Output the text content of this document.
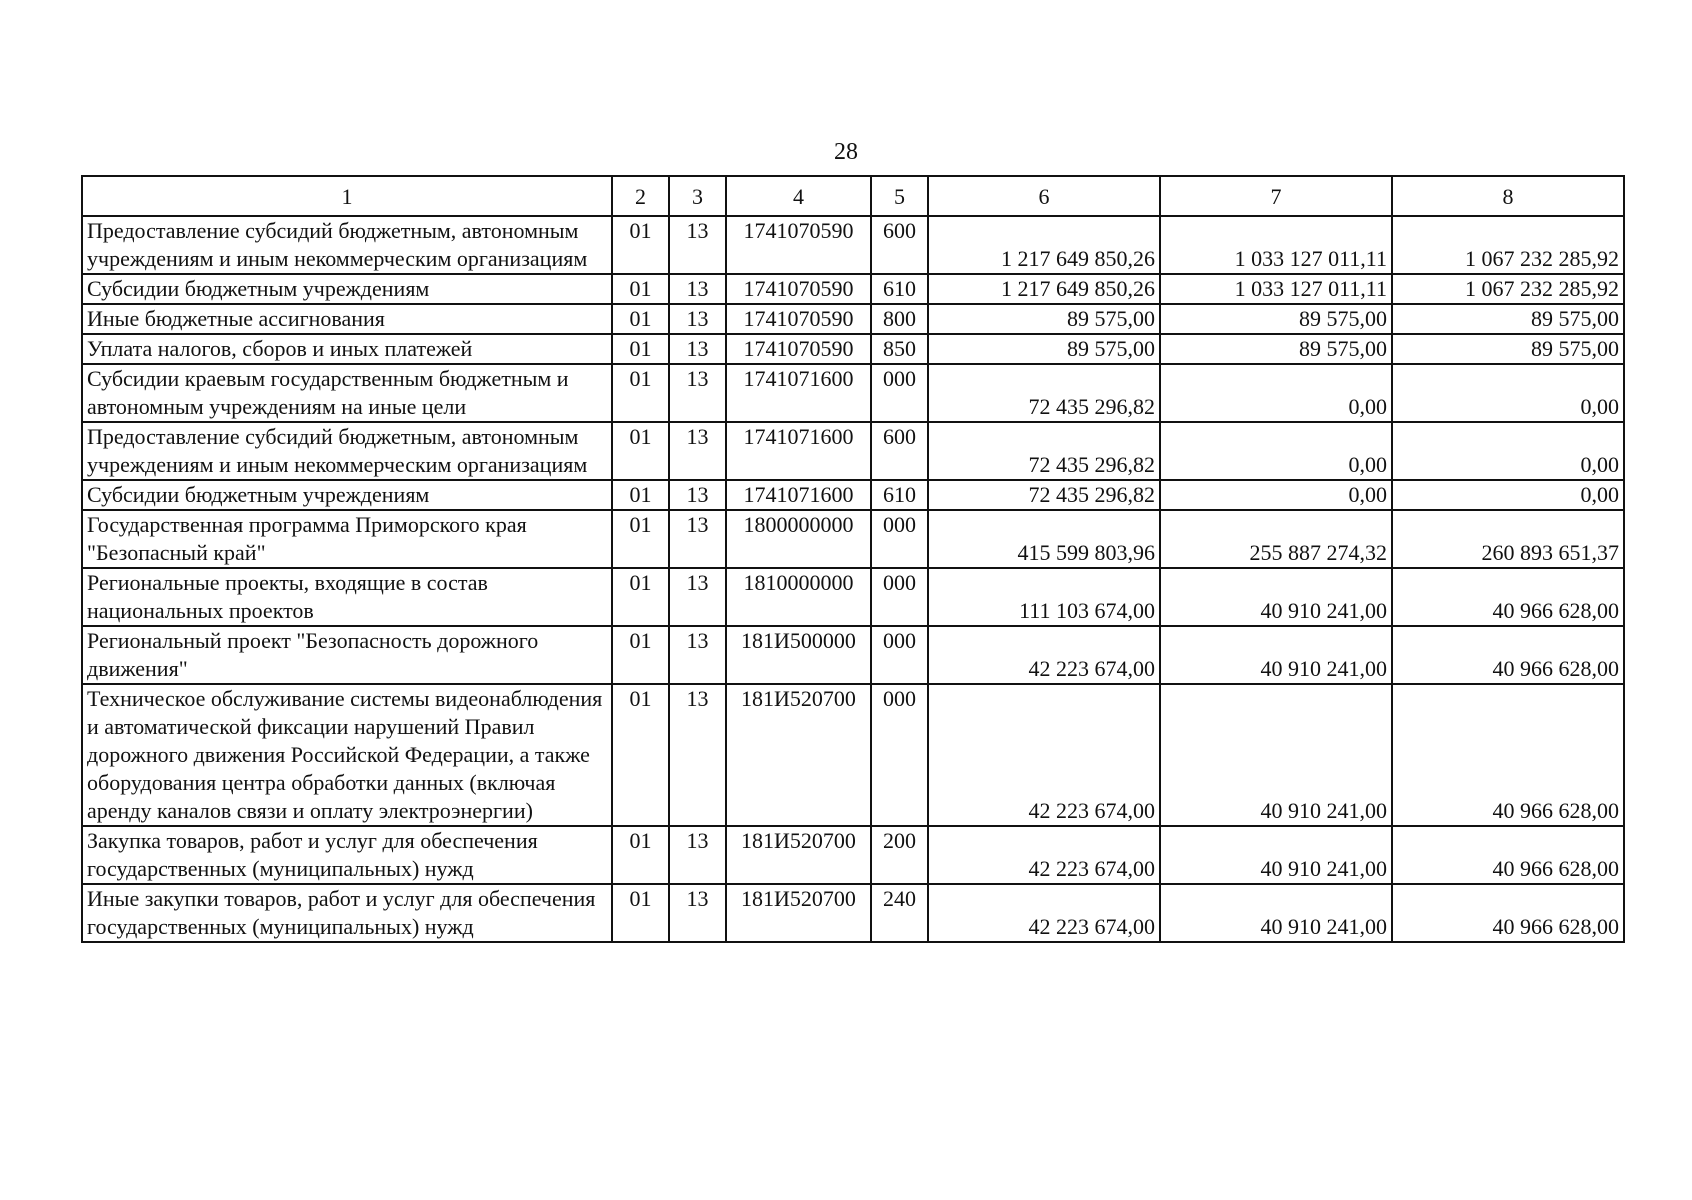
28
1	2	3	4	5	6	7	8
Предоставление субсидий бюджетным, автономным учреждениям и иным некоммерческим организациям	01	13	1741070590	600	1 217 649 850,26	1 033 127 011,11	1 067 232 285,92
Субсидии бюджетным учреждениям	01	13	1741070590	610	1 217 649 850,26	1 033 127 011,11	1 067 232 285,92
Иные бюджетные ассигнования	01	13	1741070590	800	89 575,00	89 575,00	89 575,00
Уплата налогов, сборов и иных платежей	01	13	1741070590	850	89 575,00	89 575,00	89 575,00
Субсидии краевым государственным бюджетным и автономным учреждениям на иные цели	01	13	1741071600	000	72 435 296,82	0,00	0,00
Предоставление субсидий бюджетным, автономным учреждениям и иным некоммерческим организациям	01	13	1741071600	600	72 435 296,82	0,00	0,00
Субсидии бюджетным учреждениям	01	13	1741071600	610	72 435 296,82	0,00	0,00
Государственная программа Приморского края "Безопасный край"	01	13	1800000000	000	415 599 803,96	255 887 274,32	260 893 651,37
Региональные проекты, входящие в состав национальных проектов	01	13	1810000000	000	111 103 674,00	40 910 241,00	40 966 628,00
Региональный проект "Безопасность дорожного движения"	01	13	181И500000	000	42 223 674,00	40 910 241,00	40 966 628,00
Техническое обслуживание системы видеонаблюдения и автоматической фиксации нарушений Правил дорожного движения Российской Федерации, а также оборудования центра обработки данных (включая аренду каналов связи и оплату электроэнергии)	01	13	181И520700	000	42 223 674,00	40 910 241,00	40 966 628,00
Закупка товаров, работ и услуг для обеспечения государственных (муниципальных) нужд	01	13	181И520700	200	42 223 674,00	40 910 241,00	40 966 628,00
Иные закупки товаров, работ и услуг для обеспечения государственных (муниципальных) нужд	01	13	181И520700	240	42 223 674,00	40 910 241,00	40 966 628,00
